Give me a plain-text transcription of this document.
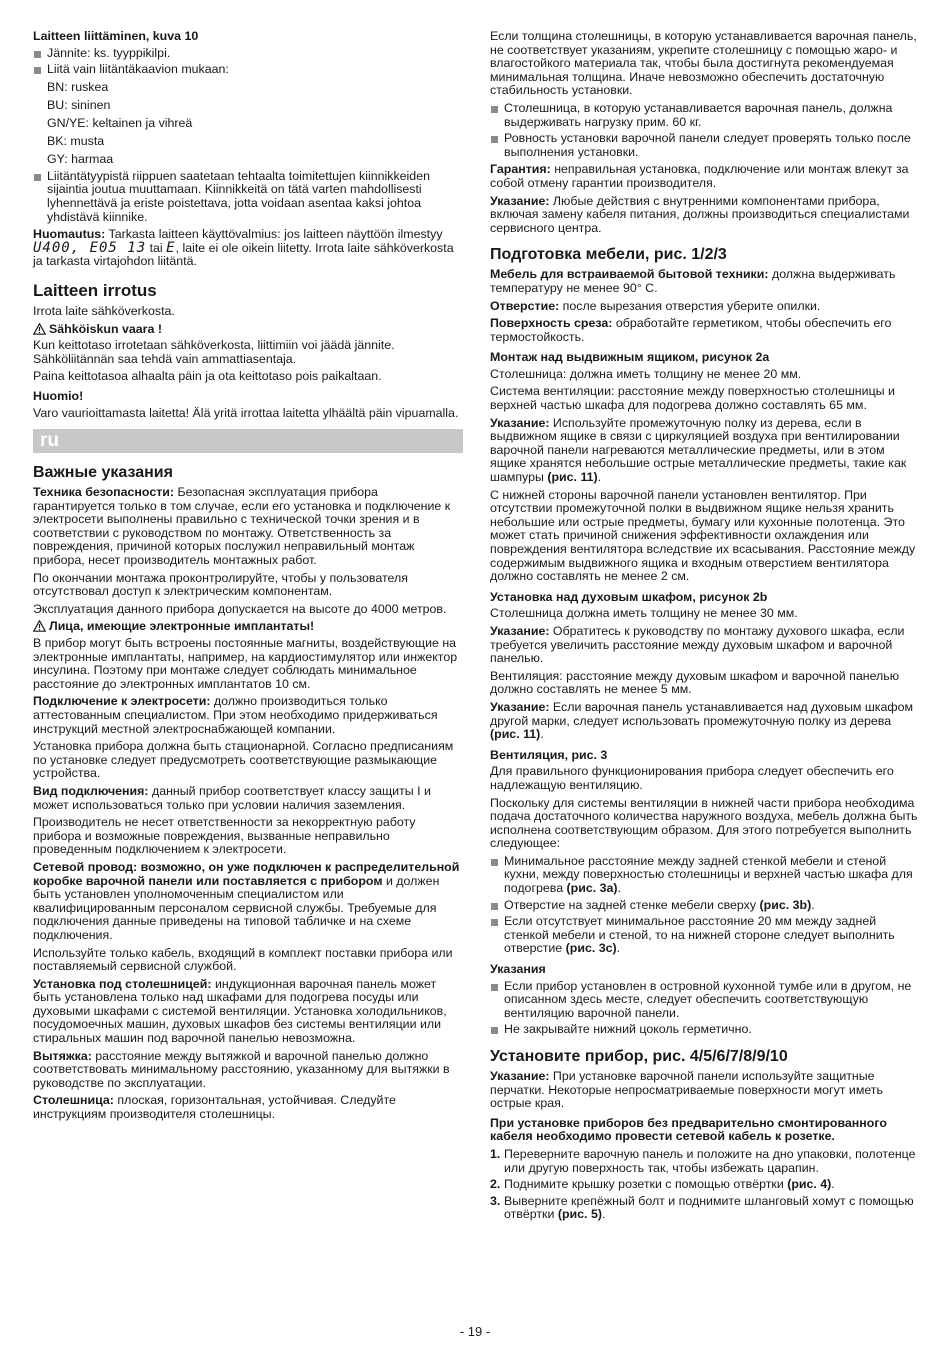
Laitteen liittäminen, kuva 10

Jännite: ks. tyyppikilpi.
Liitä vain liitäntäkaavion mukaan:
BN: ruskea
BU: sininen
GN/YE: keltainen ja vihreä
BK: musta
GY: harmaa
Liitäntätyypistä riippuen saatetaan tehtaalta toimitettujen kiinnikkeiden sijaintia joutua muuttamaan. Kiinnikkeitä on tätä varten mahdollisesti lyhennettävä ja eriste poistettava, jotta voidaan asentaa kaksi johtoa yhdistävä kiinnike.

Huomautus: Tarkasta laitteen käyttövalmius: jos laitteen näyttöön ilmestyy U400, E05 13 tai E, laite ei ole oikein liitetty. Irrota laite sähköverkosta ja tarkasta virtajohdon liitäntä.

Laitteen irrotus

Irrota laite sähköverkosta.

Sähköiskun vaara !

Kun keittotaso irrotetaan sähköverkosta, liittimiin voi jäädä jännite. Sähköliitännän saa tehdä vain ammattiasentaja.

Paina keittotasoa alhaalta päin ja ota keittotaso pois paikaltaan.

Huomio!

Varo vaurioittamasta laitetta! Älä yritä irrottaa laitetta ylhäältä päin vipuamalla.

ru

Важные указания

Техника безопасности: Безопасная эксплуатация прибора гарантируется только в том случае, если его установка и подключение к электросети выполнены правильно с технической точки зрения и в соответствии с руководством по монтажу. Ответственность за повреждения, причиной которых послужил неправильный монтаж прибора, несет производитель монтажных работ.

По окончании монтажа проконтролируйте, чтобы у пользователя отсутствовал доступ к электрическим компонентам.

Эксплуатация данного прибора допускается на высоте до 4000 метров.

Лица, имеющие электронные имплантаты!

В прибор могут быть встроены постоянные магниты, воздействующие на электронные имплантаты, например, на кардиостимулятор или инжектор инсулина. Поэтому при монтаже следует соблюдать минимальное расстояние до электронных имплантатов 10 см.

Подключение к электросети: должно производиться только аттестованным специалистом. При этом необходимо придерживаться инструкций местной электроснабжающей компании.

Установка прибора должна быть стационарной. Согласно предписаниям по установке следует предусмотреть соответствующие размыкающие устройства.

Вид подключения: данный прибор соответствует классу защиты I и может использоваться только при условии наличия заземления.

Производитель не несет ответственности за некорректную работу прибора и возможные повреждения, вызванные неправильно проведенным подключением к электросети.

Сетевой провод: возможно, он уже подключен к распределительной коробке варочной панели или поставляется с прибором и должен быть установлен уполномоченным специалистом или квалифицированным персоналом сервисной службы. Требуемые для подключения данные приведены на типовой табличке и на схеме подключения.

Используйте только кабель, входящий в комплект поставки прибора или поставляемый сервисной службой.

Установка под столешницей: индукционная варочная панель может быть установлена только над шкафами для подогрева посуды или духовыми шкафами с системой вентиляции. Установка холодильников, посудомоечных машин, духовых шкафов без системы вентиляции или стиральных машин под варочной панелью невозможна.

Вытяжка: расстояние между вытяжкой и варочной панелью должно соответствовать минимальному расстоянию, указанному для вытяжки в руководстве по эксплуатации.

Столешница: плоская, горизонтальная, устойчивая. Следуйте инструкциям производителя столешницы.

Если толщина столешницы, в которую устанавливается варочная панель, не соответствует указаниям, укрепите столешницу с помощью жаро- и влагостойкого материала так, чтобы была достигнута рекомендуемая минимальная толщина. Иначе невозможно обеспечить достаточную стабильность установки.

Столешница, в которую устанавливается варочная панель, должна выдерживать нагрузку прим. 60 кг.
Ровность установки варочной панели следует проверять только после выполнения установки.

Гарантия: неправильная установка, подключение или монтаж влекут за собой отмену гарантии производителя.

Указание: Любые действия с внутренними компонентами прибора, включая замену кабеля питания, должны производиться специалистами сервисного центра.

Подготовка мебели, рис. 1/2/3

Мебель для встраиваемой бытовой техники: должна выдерживать температуру не менее 90° C.

Отверстие: после вырезания отверстия уберите опилки.

Поверхность среза: обработайте герметиком, чтобы обеспечить его термостойкость.

Монтаж над выдвижным ящиком, рисунок 2a

Столешница: должна иметь толщину не менее 20 мм.

Система вентиляции: расстояние между поверхностью столешницы и верхней частью шкафа для подогрева должно составлять 65 мм.

Указание: Используйте промежуточную полку из дерева, если в выдвижном ящике в связи с циркуляцией воздуха при вентилировании варочной панели нагреваются металлические предметы, или в этом ящике хранятся небольшие острые металлические предметы, такие как шампуры (рис. 11).

С нижней стороны варочной панели установлен вентилятор. При отсутствии промежуточной полки в выдвижном ящике нельзя хранить небольшие или острые предметы, бумагу или кухонные полотенца. Это может стать причиной снижения эффективности охлаждения или повреждения вентилятора вследствие их всасывания. Расстояние между содержимым выдвижного ящика и входным отверстием вентилятора должно составлять не менее 2 см.

Установка над духовым шкафом, рисунок 2b

Столешница должна иметь толщину не менее 30 мм.

Указание: Обратитесь к руководству по монтажу духового шкафа, если требуется увеличить расстояние между духовым шкафом и варочной панелью.

Вентиляция: расстояние между духовым шкафом и варочной панелью должно составлять не менее 5 мм.

Указание: Если варочная панель устанавливается над духовым шкафом другой марки, следует использовать промежуточную полку из дерева (рис. 11).

Вентиляция, рис. 3

Для правильного функционирования прибора следует обеспечить его надлежащую вентиляцию.

Поскольку для системы вентиляции в нижней части прибора необходима подача достаточного количества наружного воздуха, мебель должна быть исполнена соответствующим образом. Для этого потребуется выполнить следующее:

Минимальное расстояние между задней стенкой мебели и стеной кухни, между поверхностью столешницы и верхней частью шкафа для подогрева (рис. 3a).
Отверстие на задней стенке мебели сверху (рис. 3b).
Если отсутствует минимальное расстояние 20 мм между задней стенкой мебели и стеной, то на нижней стороне следует выполнить отверстие (рис. 3c).

Указания

Если прибор установлен в островной кухонной тумбе или в другом, не описанном здесь месте, следует обеспечить соответствующую вентиляцию варочной панели.
Не закрывайте нижний цоколь герметично.

Установите прибор, рис. 4/5/6/7/8/9/10

Указание: При установке варочной панели используйте защитные перчатки. Некоторые непросматриваемые поверхности могут иметь острые края.

При установке приборов без предварительно смонтированного кабеля необходимо провести сетевой кабель к розетке.

1. Переверните варочную панель и положите на дно упаковки, полотенце или другую поверхность так, чтобы избежать царапин.
2. Поднимите крышку розетки с помощью отвёртки (рис. 4).
3. Выверните крепёжный болт и поднимите шланговый хомут с помощью отвёртки (рис. 5).
- 19 -
